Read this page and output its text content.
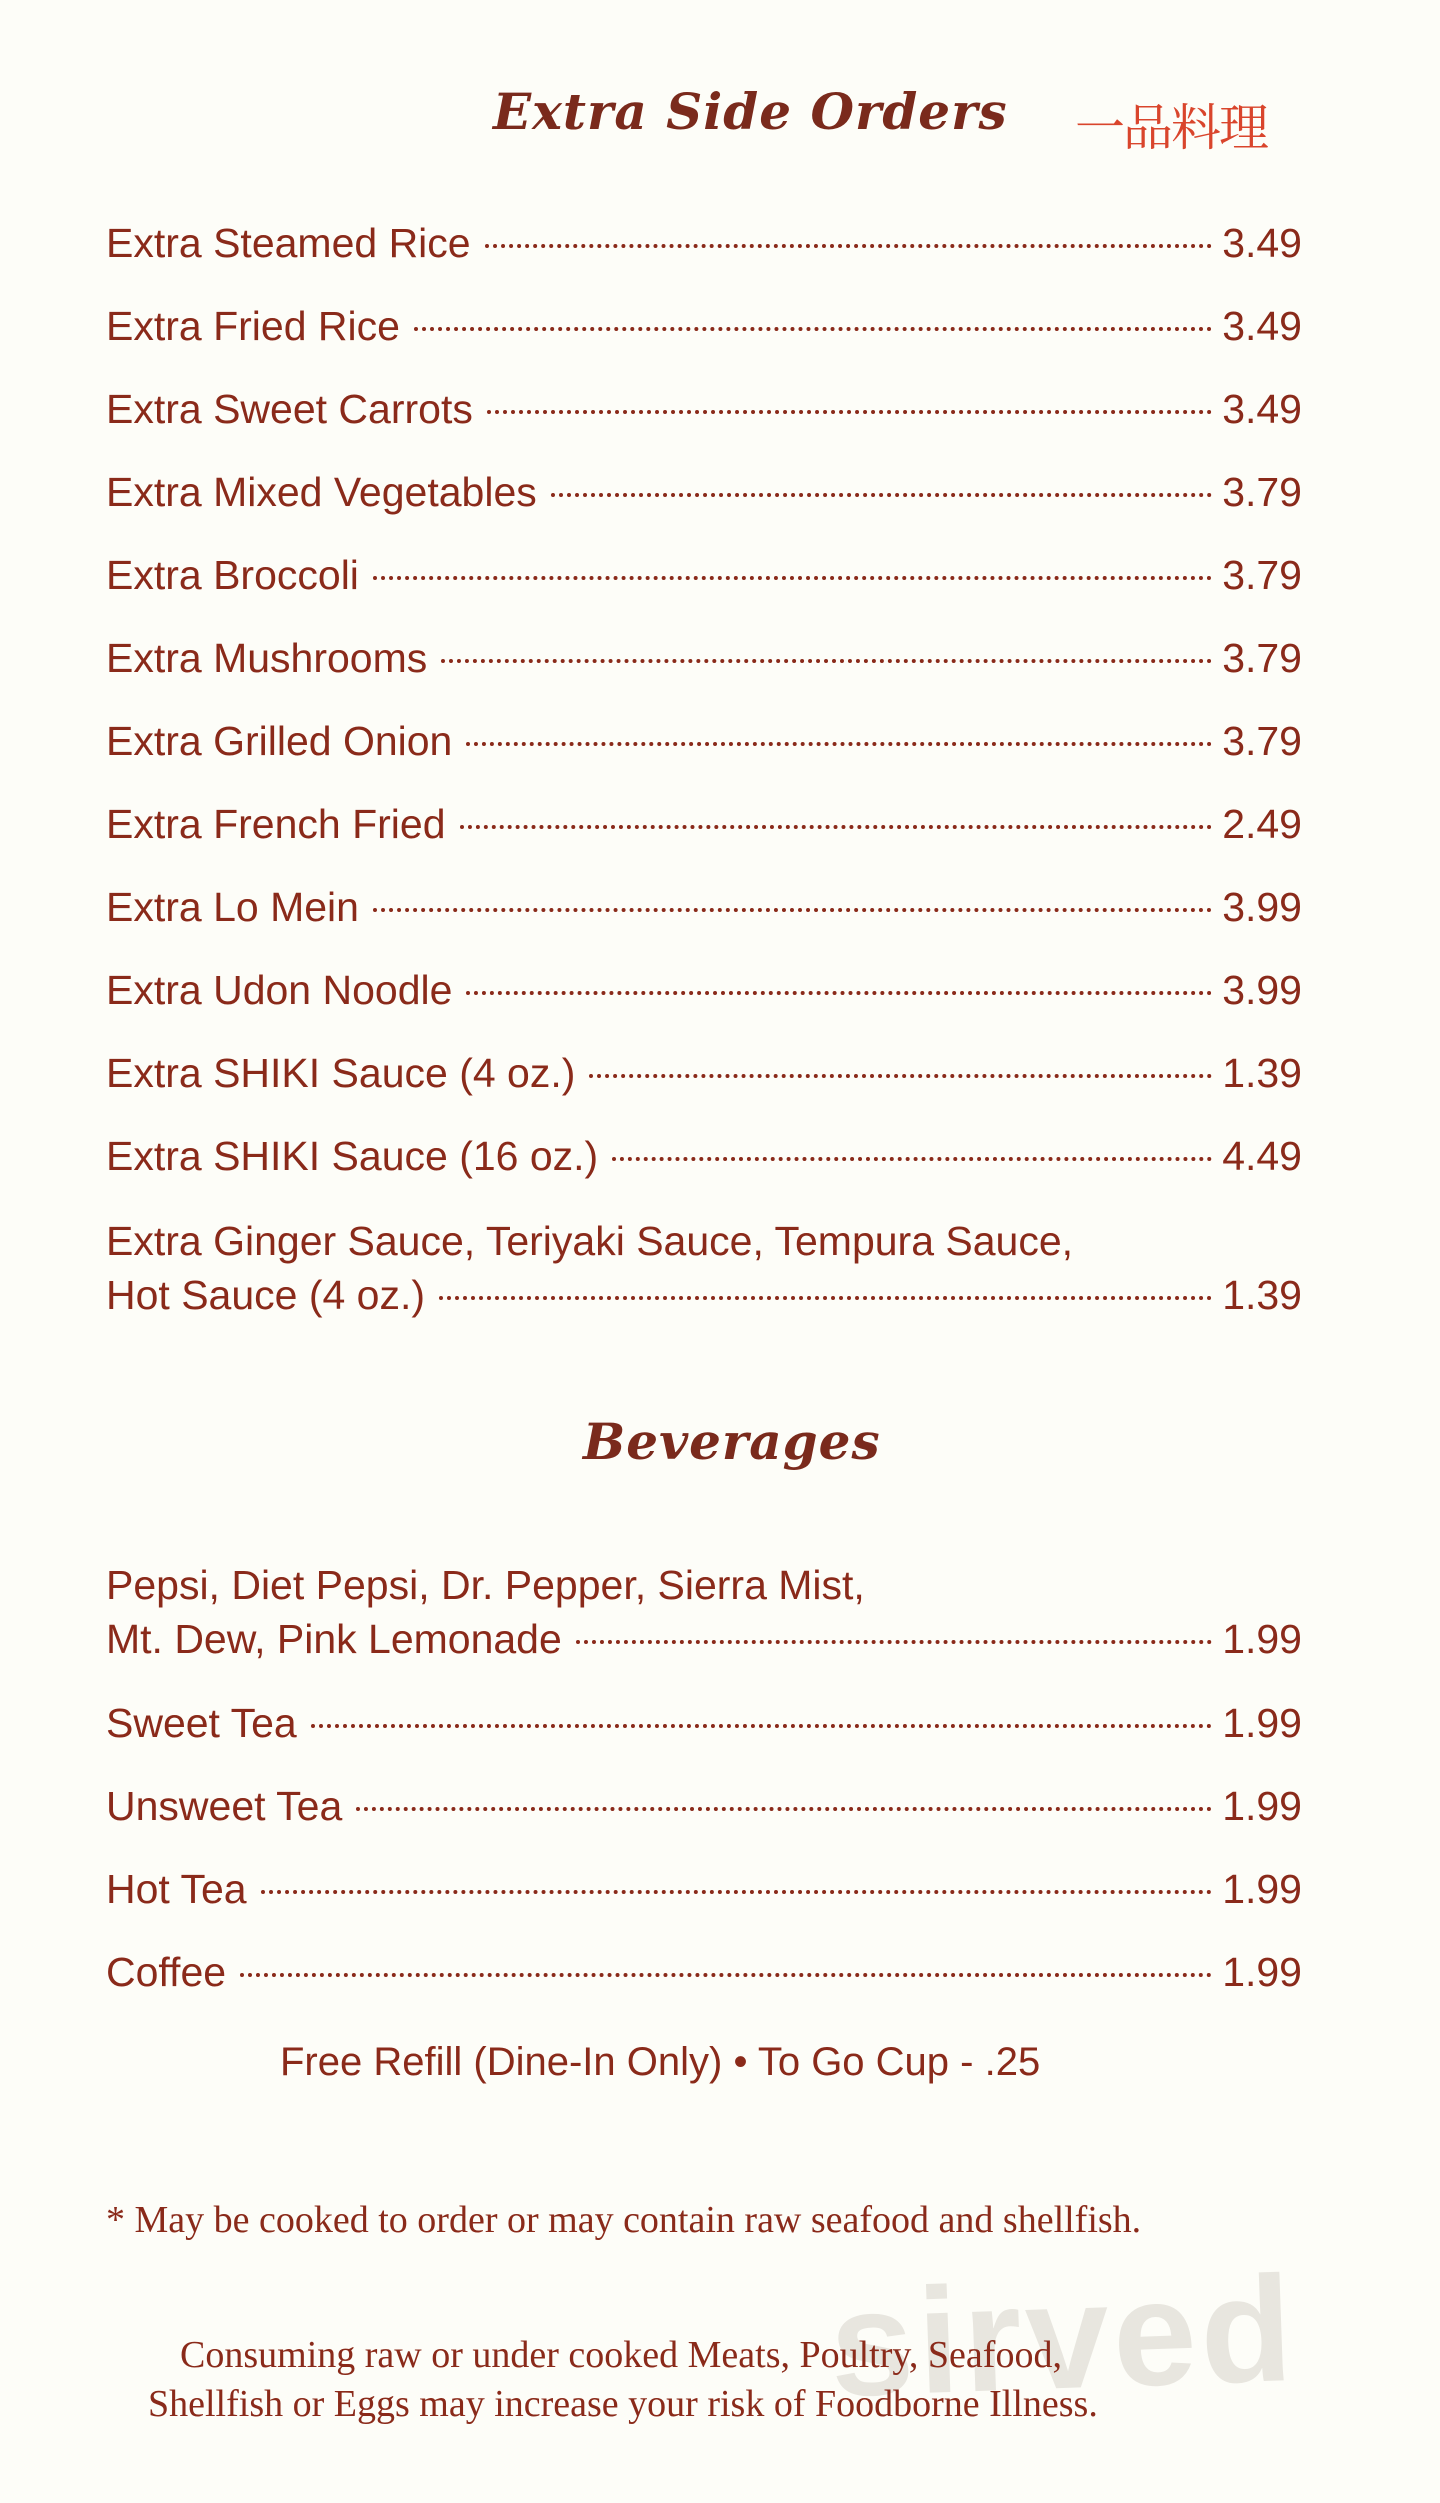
sirved
Extra Side Orders 一品料理
Extra Steamed Rice	3.49
Extra Fried Rice	3.49
Extra Sweet Carrots	3.49
Extra Mixed Vegetables	3.79
Extra Broccoli	3.79
Extra Mushrooms	3.79
Extra Grilled Onion	3.79
Extra French Fried	2.49
Extra Lo Mein	3.99
Extra Udon Noodle	3.99
Extra SHIKI Sauce (4 oz.)	1.39
Extra SHIKI Sauce (16 oz.)	4.49
Extra Ginger Sauce, Teriyaki Sauce, Tempura Sauce,
Hot Sauce (4 oz.)	1.39
Beverages
Pepsi, Diet Pepsi, Dr. Pepper, Sierra Mist,
Mt. Dew, Pink Lemonade	1.99
Sweet Tea	1.99
Unsweet Tea	1.99
Hot Tea	1.99
Coffee	1.99
Free Refill (Dine-In Only) • To Go Cup - .25
* May be cooked to order or may contain raw seafood and shellfish.
Consuming raw or under cooked Meats, Poultry, Seafood,
Shellfish or Eggs may increase your risk of Foodborne Illness.
